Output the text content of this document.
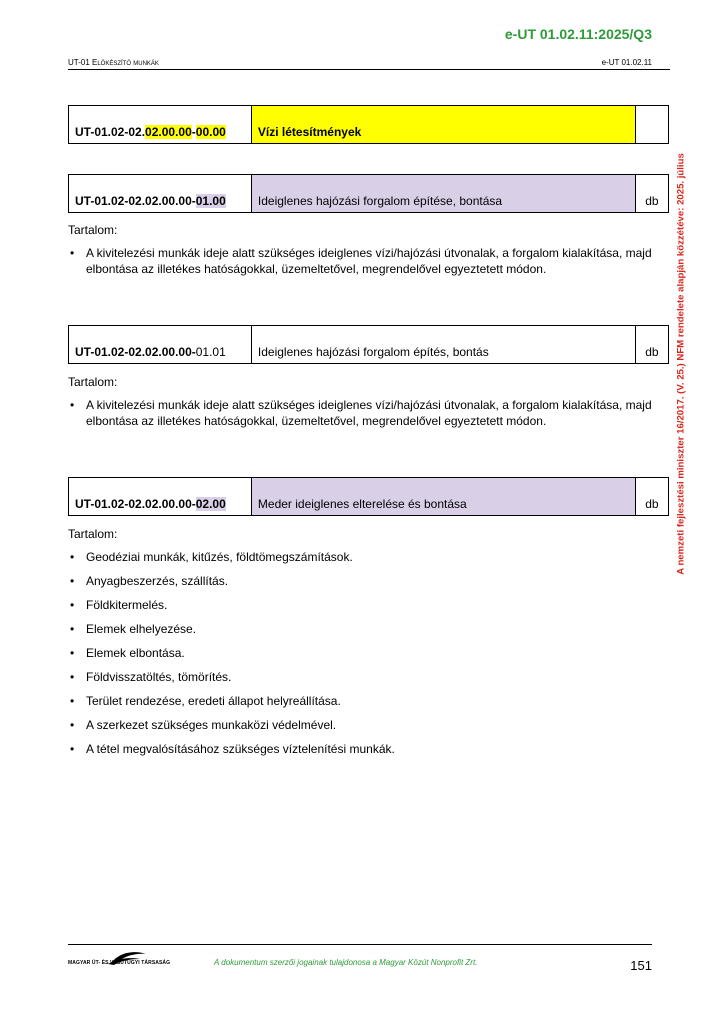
e-UT 01.02.11:2025/Q3
UT-01 Előkészítő munkák	e-UT 01.02.11
A nemzeti fejlesztési miniszter 16/2017. (V. 25.) NFM rendelete alapján közzétéve: 2025. július
UT-01.02-02.02.00.00-00.00	Vízi létesítmények	
UT-01.02-02.02.00.00-01.00	Ideiglenes hajózási forgalom építése, bontása	db
Tartalom:
• A kivitelezési munkák ideje alatt szükséges ideiglenes vízi/hajózási útvonalak, a forgalom kialakítása, majd elbontása az illetékes hatóságokkal, üzemeltetővel, megrendelővel egyeztetett módon.
UT-01.02-02.02.00.00-01.01	Ideiglenes hajózási forgalom építés, bontás	db
Tartalom:
• A kivitelezési munkák ideje alatt szükséges ideiglenes vízi/hajózási útvonalak, a forgalom kialakítása, majd elbontása az illetékes hatóságokkal, üzemeltetővel, megrendelővel egyeztetett módon.
UT-01.02-02.02.00.00-02.00	Meder ideiglenes elterelése és bontása	db
Tartalom:
• Geodéziai munkák, kitűzés, földtömegszámítások.
• Anyagbeszerzés, szállítás.
• Földkitermelés.
• Elemek elhelyezése.
• Elemek elbontása.
• Földvisszatöltés, tömörítés.
• Terület rendezése, eredeti állapot helyreállítása.
• A szerkezet szükséges munkaközi védelmével.
• A tétel megvalósításához szükséges víztelenítési munkák.
MAGYAR ÚT- ÉS VASÚTÜGYI TÁRSASÁG	A dokumentum szerzői jogainak tulajdonosa a Magyar Közút Nonprofit Zrt.	151
